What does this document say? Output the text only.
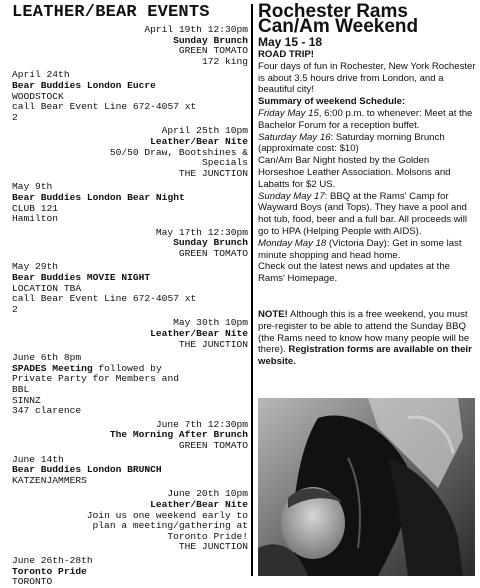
LEATHER/BEAR EVENTS
April 19th 12:30pm
Sunday Brunch
GREEN TOMATO
172 king
April 24th
Bear Buddies London Eucre
WOODSTOCK
call Bear Event Line 672-4057 xt
2
April 25th 10pm
Leather/Bear Nite
50/50 Draw, Bootshines &
Specials
THE JUNCTION
May 9th
Bear Buddies London Bear Night
CLUB 121
Hamilton
May 17th 12:30pm
Sunday Brunch
GREEN TOMATO
May 29th
Bear Buddies MOVIE NIGHT
LOCATION TBA
call Bear Event Line 672-4057 xt
2
May 30th 10pm
Leather/Bear Nite
THE JUNCTION
June 6th 8pm
SPADES Meeting followed by
Private Party for Members and
BBL
SINNZ
347 clarence
June 7th 12:30pm
The Morning After Brunch
GREEN TOMATO
June 14th
Bear Buddies London BRUNCH
KATZENJAMMERS
June 20th 10pm
Leather/Bear Nite
Join us one weekend early to
plan a meeting/gathering at
Toronto Pride!
THE JUNCTION
June 26th-28th
Toronto Pride
TORONTO
Rochester Rams
Can/Am Weekend
May 15 - 18

ROAD TRIP!

Four days of fun in Rochester, New York Rochester is about 3.5 hours drive from London, and a beautiful city!

Summary of weekend Schedule:

Friday May 15, 6:00 p.m. to whenever: Meet at the Bachelor Forum for a reception buffet.

Saturday May 16: Saturday morning Brunch (approximate cost: $10)

Can/Am Bar Night hosted by the Golden Horseshoe Leather Association. Molsons and Labatts for $2 US.

Sunday May 17: BBQ at the Rams' Camp for Wayward Boys (and Tops). They have a pool and hot tub, food, beer and a full bar. All proceeds will go to HPA (Helping People with AIDS).

Monday May 18 (Victoria Day): Get in some last minute shopping and head home.

Check out the latest news and updates at the Rams' Homepage.

NOTE! Although this is a free weekend, you must pre-register to be able to attend the Sunday BBQ (the Rams need to know how many people will be there). Registration forms are available on their website.
